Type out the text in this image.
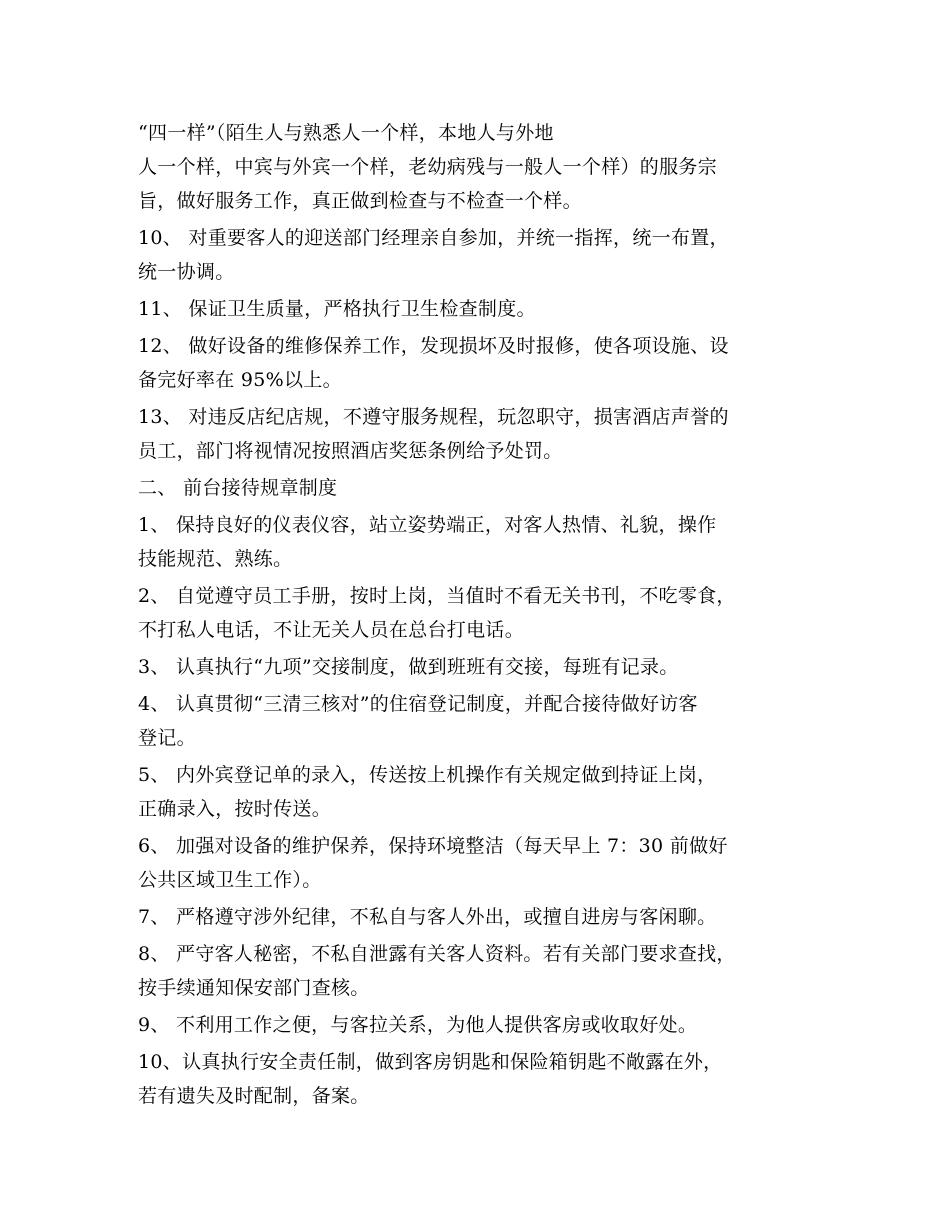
“四一样”（陌生人与熟悉人一个样，本地人与外地
人一个样，中宾与外宾一个样，老幼病残与一般人一个样）的服务宗
旨，做好服务工作，真正做到检查与不检查一个样。
10、 对重要客人的迎送部门经理亲自参加，并统一指挥，统一布置，
统一协调。
11、 保证卫生质量，严格执行卫生检查制度。
12、 做好设备的维修保养工作，发现损坏及时报修，使各项设施、设
备完好率在 95%以上。
13、 对违反店纪店规，不遵守服务规程，玩忽职守，损害酒店声誉的
员工，部门将视情况按照酒店奖惩条例给予处罚。
二、 前台接待规章制度
1、 保持良好的仪表仪容，站立姿势端正，对客人热情、礼貌，操作
技能规范、熟练。
2、 自觉遵守员工手册，按时上岗，当值时不看无关书刊，不吃零食，
不打私人电话，不让无关人员在总台打电话。
3、 认真执行“九项”交接制度，做到班班有交接，每班有记录。
4、 认真贯彻“三清三核对”的住宿登记制度，并配合接待做好访客
登记。
5、 内外宾登记单的录入，传送按上机操作有关规定做到持证上岗，
正确录入，按时传送。
6、 加强对设备的维护保养，保持环境整洁（每天早上 7：30 前做好
公共区域卫生工作）。
7、 严格遵守涉外纪律，不私自与客人外出，或擅自进房与客闲聊。
8、 严守客人秘密，不私自泄露有关客人资料。若有关部门要求查找，
按手续通知保安部门查核。
9、 不利用工作之便，与客拉关系，为他人提供客房或收取好处。
10、认真执行安全责任制，做到客房钥匙和保险箱钥匙不敞露在外，
若有遗失及时配制，备案。
